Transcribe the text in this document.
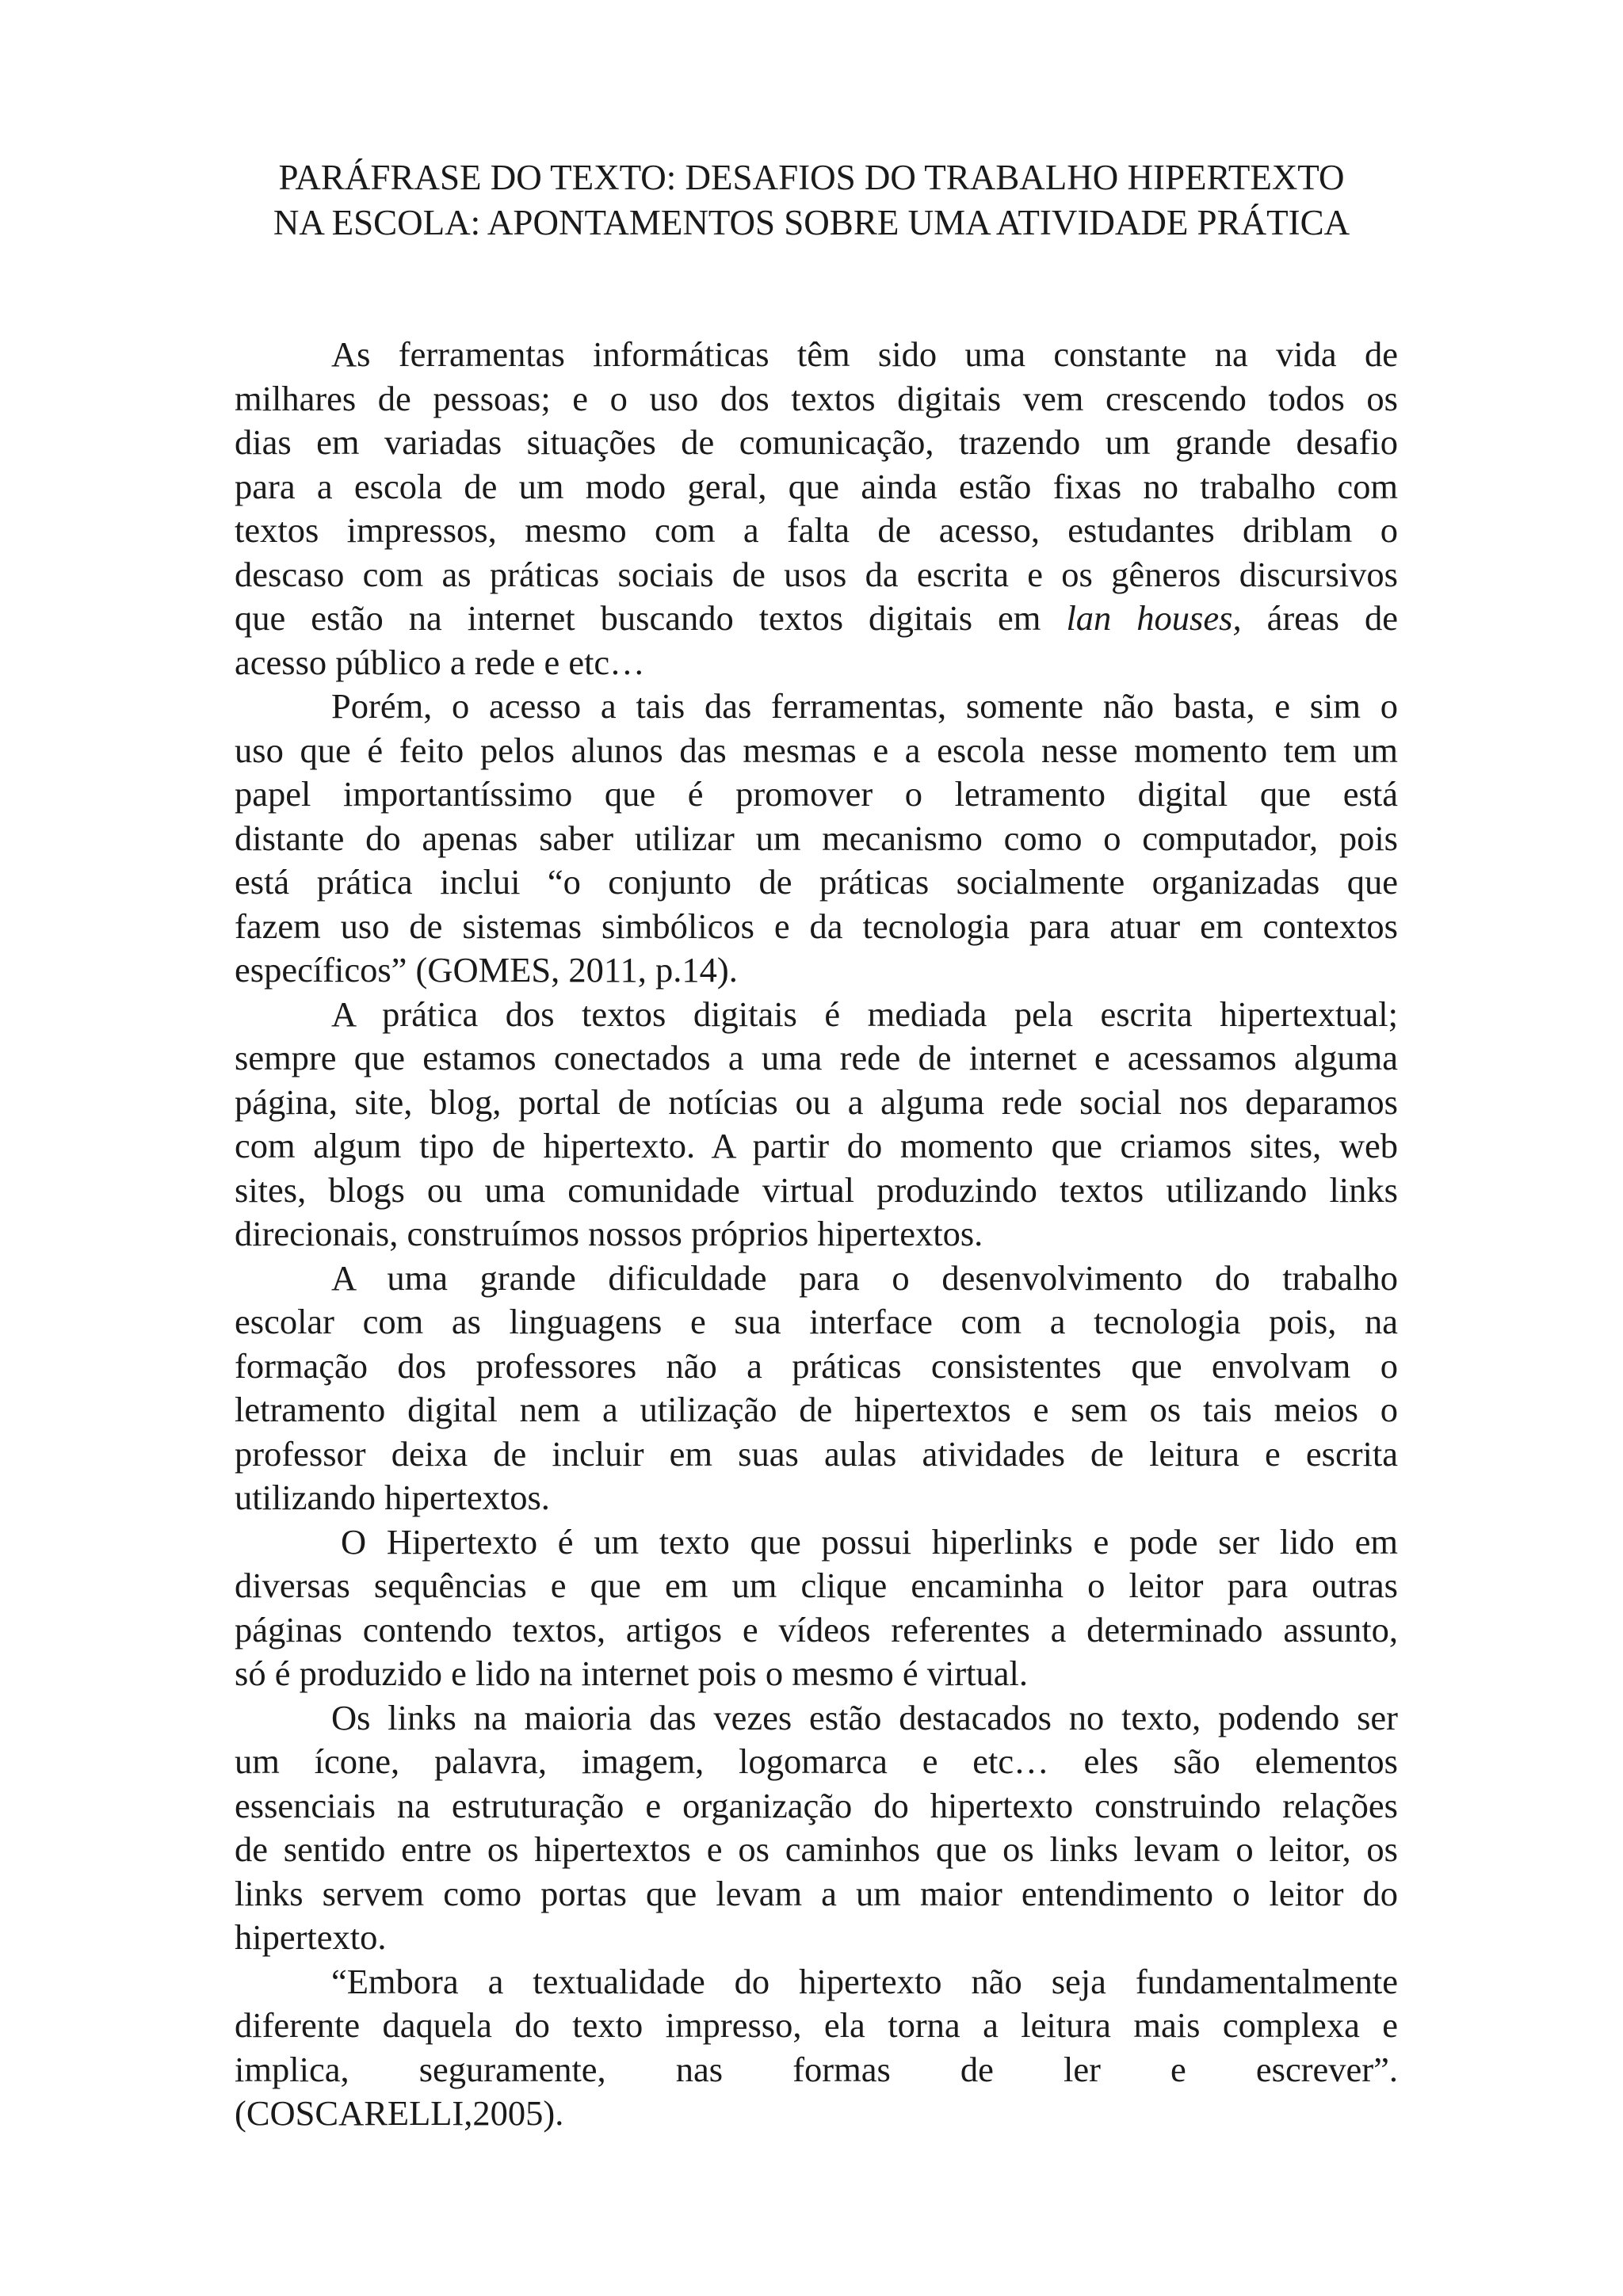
PARÁFRASE DO TEXTO: DESAFIOS DO TRABALHO HIPERTEXTO
NA ESCOLA: APONTAMENTOS SOBRE UMA ATIVIDADE PRÁTICA
As ferramentas informáticas têm sido uma constante na vida de
milhares de pessoas; e o uso dos textos digitais vem crescendo todos os
dias em variadas situações de comunicação, trazendo um grande desafio
para a escola de um modo geral, que ainda estão fixas no trabalho com
textos impressos, mesmo com a falta de acesso, estudantes driblam o
descaso com as práticas sociais de usos da escrita e os gêneros discursivos
que estão na internet buscando textos digitais em lan houses, áreas de
acesso público a rede e etc…
Porém, o acesso a tais das ferramentas, somente não basta, e sim o
uso que é feito pelos alunos das mesmas e a escola nesse momento tem um
papel importantíssimo que é promover o letramento digital que está
distante do apenas saber utilizar um mecanismo como o computador, pois
está prática inclui “o conjunto de práticas socialmente organizadas que
fazem uso de sistemas simbólicos e da tecnologia para atuar em contextos
específicos” (GOMES, 2011, p.14).
A prática dos textos digitais é mediada pela escrita hipertextual;
sempre que estamos conectados a uma rede de internet e acessamos alguma
página, site, blog, portal de notícias ou a alguma rede social nos deparamos
com algum tipo de hipertexto. A partir do momento que criamos sites, web
sites, blogs ou uma comunidade virtual produzindo textos utilizando links
direcionais, construímos nossos próprios hipertextos.
A uma grande dificuldade para o desenvolvimento do trabalho
escolar com as linguagens e sua interface com a tecnologia pois, na
formação dos professores não a práticas consistentes que envolvam o
letramento digital nem a utilização de hipertextos e sem os tais meios o
professor deixa de incluir em suas aulas atividades de leitura e escrita
utilizando hipertextos.
O Hipertexto é um texto que possui hiperlinks e pode ser lido em
diversas sequências e que em um clique encaminha o leitor para outras
páginas contendo textos, artigos e vídeos referentes a determinado assunto,
só é produzido e lido na internet pois o mesmo é virtual.
Os links na maioria das vezes estão destacados no texto, podendo ser
um ícone, palavra, imagem, logomarca e etc… eles são elementos
essenciais na estruturação e organização do hipertexto construindo relações
de sentido entre os hipertextos e os caminhos que os links levam o leitor, os
links servem como portas que levam a um maior entendimento o leitor do
hipertexto.
“Embora a textualidade do hipertexto não seja fundamentalmente
diferente daquela do texto impresso, ela torna a leitura mais complexa e
implica, seguramente, nas formas de ler e escrever”.
(COSCARELLI,2005).
